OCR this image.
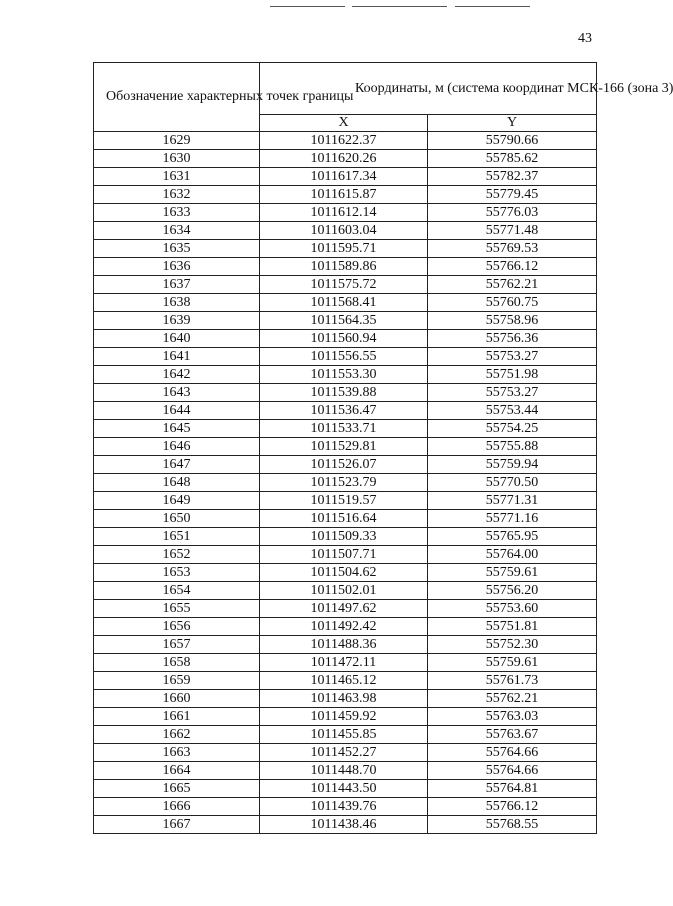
43
Обозначение характерных точек границы	Координаты, м (система координат МСК-166 (зона 3)	
	X	Y
1629	1011622.37	55790.66
1630	1011620.26	55785.62
1631	1011617.34	55782.37
1632	1011615.87	55779.45
1633	1011612.14	55776.03
1634	1011603.04	55771.48
1635	1011595.71	55769.53
1636	1011589.86	55766.12
1637	1011575.72	55762.21
1638	1011568.41	55760.75
1639	1011564.35	55758.96
1640	1011560.94	55756.36
1641	1011556.55	55753.27
1642	1011553.30	55751.98
1643	1011539.88	55753.27
1644	1011536.47	55753.44
1645	1011533.71	55754.25
1646	1011529.81	55755.88
1647	1011526.07	55759.94
1648	1011523.79	55770.50
1649	1011519.57	55771.31
1650	1011516.64	55771.16
1651	1011509.33	55765.95
1652	1011507.71	55764.00
1653	1011504.62	55759.61
1654	1011502.01	55756.20
1655	1011497.62	55753.60
1656	1011492.42	55751.81
1657	1011488.36	55752.30
1658	1011472.11	55759.61
1659	1011465.12	55761.73
1660	1011463.98	55762.21
1661	1011459.92	55763.03
1662	1011455.85	55763.67
1663	1011452.27	55764.66
1664	1011448.70	55764.66
1665	1011443.50	55764.81
1666	1011439.76	55766.12
1667	1011438.46	55768.55
